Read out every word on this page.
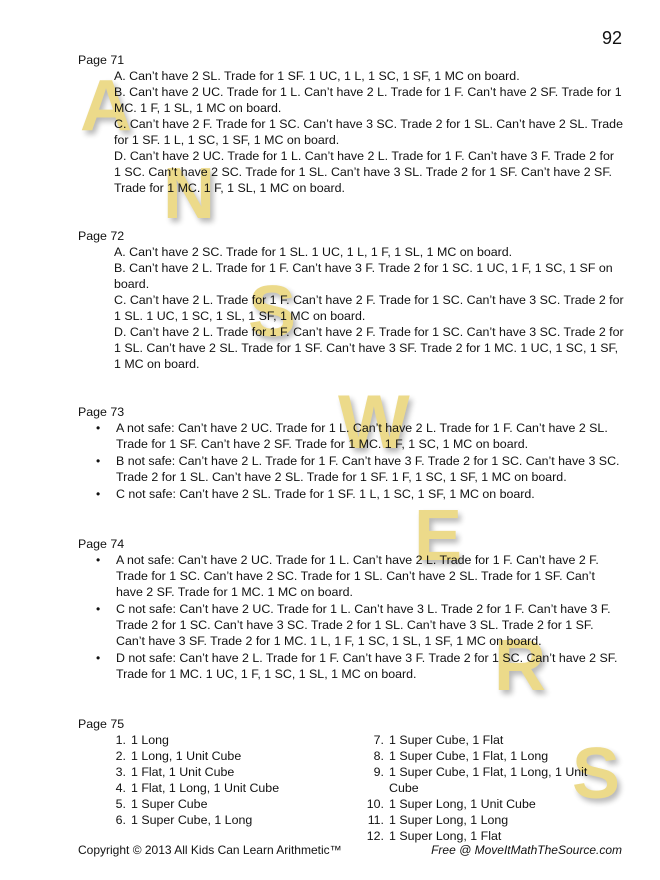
A
N
S
W
E
R
S
92
Page 71

A. Can’t have 2 SL. Trade for 1 SF. 1 UC, 1 L, 1 SC, 1 SF, 1 MC on board.

B. Can’t have 2 UC. Trade for 1 L. Can’t have 2 L. Trade for 1 F. Can’t have 2 SF. Trade for 1 MC. 1 F, 1 SL, 1 MC on board.

C. Can’t have 2 F. Trade for 1 SC. Can’t have 3 SC. Trade 2 for 1 SL. Can’t have 2 SL. Trade for 1 SF. 1 L, 1 SC, 1 SF, 1 MC on board.

D. Can’t have 2 UC. Trade for 1 L. Can’t have 2 L. Trade for 1 F. Can’t have 3 F. Trade 2 for 1 SC. Can’t have 2 SC. Trade for 1 SL. Can’t have 3 SL. Trade 2 for 1 SF. Can’t have 2 SF. Trade for 1 MC. 1 F, 1 SL, 1 MC on board.

Page 72

A. Can’t have 2 SC. Trade for 1 SL. 1 UC, 1 L, 1 F, 1 SL, 1 MC on board.

B. Can’t have 2 L. Trade for 1 F. Can’t have 3 F. Trade 2 for 1 SC. 1 UC, 1 F, 1 SC, 1 SF on board.

C. Can’t have 2 L. Trade for 1 F. Can’t have 2 F. Trade for 1 SC. Can’t have 3 SC. Trade 2 for 1 SL. 1 UC, 1 SC, 1 SL, 1 SF, 1 MC on board.

D. Can’t have 2 L. Trade for 1 F. Can’t have 2 F. Trade for 1 SC. Can’t have 3 SC. Trade 2 for 1 SL. Can’t have 2 SL. Trade for 1 SF. Can’t have 3 SF. Trade 2 for 1 MC. 1 UC, 1 SC, 1 SF, 1 MC on board.

Page 73
• A not safe: Can’t have 2 UC. Trade for 1 L. Can’t have 2 L. Trade for 1 F. Can’t have 2 SL. Trade for 1 SF. Can’t have 2 SF. Trade for 1 MC. 1 F, 1 SC, 1 MC on board.
• B not safe: Can’t have 2 L. Trade for 1 F. Can’t have 3 F. Trade 2 for 1 SC. Can’t have 3 SC. Trade 2 for 1 SL. Can’t have 2 SL. Trade for 1 SF. 1 F, 1 SC, 1 SF, 1 MC on board.
• C not safe: Can’t have 2 SL. Trade for 1 SF. 1 L, 1 SC, 1 SF, 1 MC on board.
Page 74
• A not safe: Can’t have 2 UC. Trade for 1 L. Can’t have 2 L. Trade for 1 F. Can’t have 2 F. Trade for 1 SC. Can’t have 2 SC. Trade for 1 SL. Can’t have 2 SL. Trade for 1 SF. Can’t have 2 SF. Trade for 1 MC. 1 MC on board.
• C not safe: Can’t have 2 UC. Trade for 1 L. Can’t have 3 L. Trade 2 for 1 F. Can’t have 3 F. Trade 2 for 1 SC. Can’t have 3 SC. Trade 2 for 1 SL. Can’t have 3 SL. Trade 2 for 1 SF. Can’t have 3 SF. Trade 2 for 1 MC. 1 L, 1 F, 1 SC, 1 SL, 1 SF, 1 MC on board.
• D not safe: Can’t have 2 L. Trade for 1 F. Can’t have 3 F. Trade 2 for 1 SC. Can’t have 2 SF. Trade for 1 MC. 1 UC, 1 F, 1 SC, 1 SL, 1 MC on board.
Page 75
1. 1 Long
2. 1 Long, 1 Unit Cube
3. 1 Flat, 1 Unit Cube
4. 1 Flat, 1 Long, 1 Unit Cube
5. 1 Super Cube
6. 1 Super Cube, 1 Long
7. 1 Super Cube, 1 Flat
8. 1 Super Cube, 1 Flat, 1 Long
9. 1 Super Cube, 1 Flat, 1 Long, 1 Unit Cube
10. 1 Super Long, 1 Unit Cube
11. 1 Super Long, 1 Long
12. 1 Super Long, 1 Flat
Copyright © 2013 All Kids Can Learn Arithmetic™	Free @ MoveItMathTheSource.com
